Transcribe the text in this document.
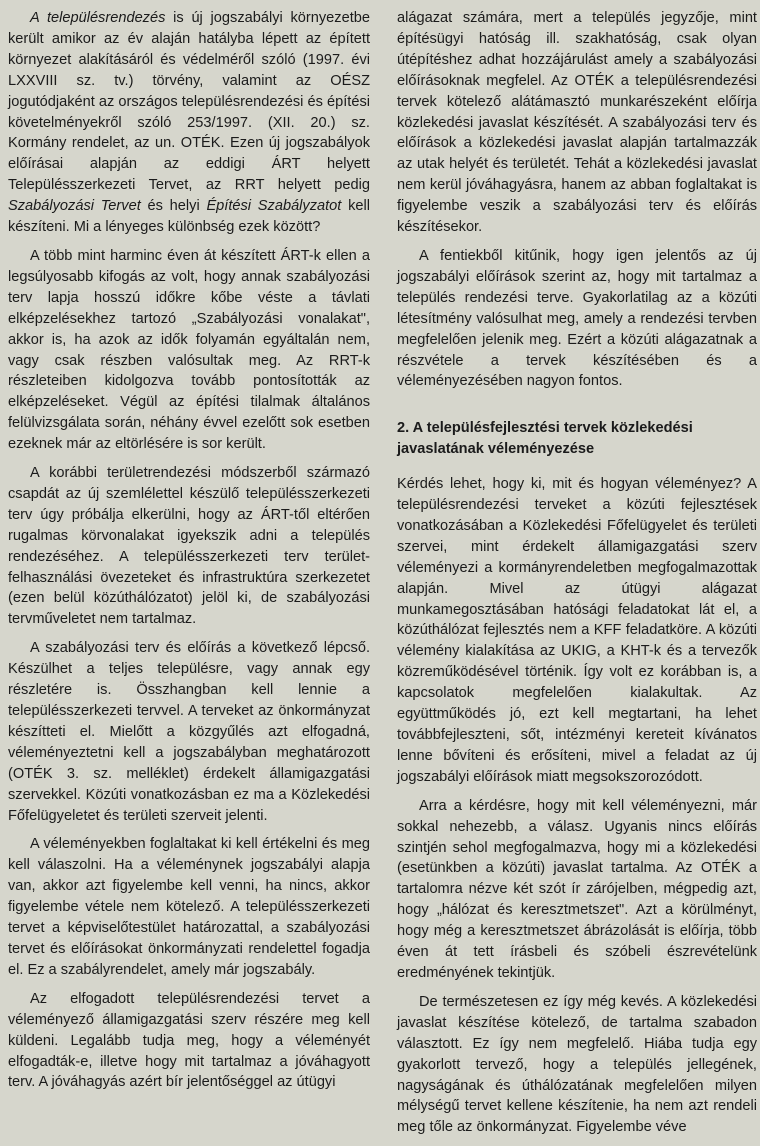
A településrendezés is új jogszabályi környezetbe került amikor az év alaján hatályba lépett az épített környezet alakításáról és védelméről szóló (1997. évi LXXVIII sz. tv.) törvény, valamint az OÉSZ jogutódjaként az országos településrendezési és építési követelményekről szóló 253/1997. (XII. 20.) sz. Kormány rendelet, az un. OTÉK. Ezen új jogszabályok előírásai alapján az eddigi ÁRT helyett Településszerkezeti Tervet, az RRT helyett pedig Szabályozási Tervet és helyi Építési Szabályzatot kell készíteni. Mi a lényeges különbség ezek között?

A több mint harminc éven át készített ÁRT-k ellen a legsúlyosabb kifogás az volt, hogy annak szabályozási terv lapja hosszú időkre kőbe véste a távlati elképzelésekhez tartozó „Szabályozási vonalakat", akkor is, ha azok az idők folyamán egyáltalán nem, vagy csak részben valósultak meg. Az RRT-k részleteiben kidolgozva tovább pontosították az elképzeléseket. Végül az építési tilalmak általános felülvizsgálata során, néhány évvel ezelőtt sok esetben ezeknek már az eltörlésére is sor került.

A korábbi területrendezési módszerből származó csapdát az új szemlélettel készülő településszerkezeti terv úgy próbálja elkerülni, hogy az ÁRT-től eltérően rugalmas körvonalakat igyekszik adni a település rendezéséhez. A településszerkezeti terv terület-felhasználási övezeteket és infrastruktúra szerkezetet (ezen belül közúthálózatot) jelöl ki, de szabályozási tervműveletet nem tartalmaz.

A szabályozási terv és előírás a következő lépcső. Készülhet a teljes településre, vagy annak egy részletére is. Összhangban kell lennie a településszerkezeti tervvel. A terveket az önkormányzat készítteti el. Mielőtt a közgyűlés azt elfogadná, véleményeztetni kell a jogszabályban meghatározott (OTÉK 3. sz. melléklet) érdekelt államigazgatási szervekkel. Közúti vonatkozásban ez ma a Közlekedési Főfelügyeletet és területi szerveit jelenti.

A véleményekben foglaltakat ki kell értékelni és meg kell válaszolni. Ha a véleménynek jogszabályi alapja van, akkor azt figyelembe kell venni, ha nincs, akkor figyelembe vétele nem kötelező. A településszerkezeti tervet a képviselőtestület határozattal, a szabályozási tervet és előírásokat önkormányzati rendelettel fogadja el. Ez a szabályrendelet, amely már jogszabály.

Az elfogadott településrendezési tervet a véleményező államigazgatási szerv részére meg kell küldeni. Legalább tudja meg, hogy a véleményét elfogadták-e, illetve hogy mit tartalmaz a jóváhagyott terv. A jóváhagyás azért bír jelentőséggel az útügyi

alágazat számára, mert a település jegyzője, mint építésügyi hatóság ill. szakhatóság, csak olyan útépítéshez adhat hozzájárulást amely a szabályozási előírásoknak megfelel. Az OTÉK a településrendezési tervek kötelező alátámasztó munkarészeként előírja közlekedési javaslat készítését. A szabályozási terv és előírások a közlekedési javaslat alapján tartalmazzák az utak helyét és területét. Tehát a közlekedési javaslat nem kerül jóváhagyásra, hanem az abban foglaltakat is figyelembe veszik a szabályozási terv és előírás készítésekor.

A fentiekből kitűnik, hogy igen jelentős az új jogszabályi előírások szerint az, hogy mit tartalmaz a település rendezési terve. Gyakorlatilag az a közúti létesítmény valósulhat meg, amely a rendezési tervben megfelelően jelenik meg. Ezért a közúti alágazatnak a részvétele a tervek készítésében és a véleményezésében nagyon fontos.

2. A településfejlesztési tervek közlekedési javaslatának véleményezése

Kérdés lehet, hogy ki, mit és hogyan véleményez? A településrendezési terveket a közúti fejlesztések vonatkozásában a Közlekedési Főfelügyelet és területi szervei, mint érdekelt államigazgatási szerv véleményezi a kormányrendeletben megfogalmazottak alapján. Mivel az útügyi alágazat munkamegosztásában hatósági feladatokat lát el, a közúthálózat fejlesztés nem a KFF feladatköre. A közúti vélemény kialakítása az UKIG, a KHT-k és a tervezők közreműködésével történik. Így volt ez korábban is, a kapcsolatok megfelelően kialakultak. Az együttműködés jó, ezt kell megtartani, ha lehet továbbfejleszteni, sőt, intézményi kereteit kívánatos lenne bővíteni és erősíteni, mivel a feladat az új jogszabályi előírások miatt megsokszorozódott.

Arra a kérdésre, hogy mit kell véleményezni, már sokkal nehezebb, a válasz. Ugyanis nincs előírás szintjén sehol megfogalmazva, hogy mi a közlekedési (esetünkben a közúti) javaslat tartalma. Az OTÉK a tartalomra nézve két szót ír zárójelben, mégpedig azt, hogy „hálózat és keresztmetszet". Azt a körülményt, hogy még a keresztmetszet ábrázolását is előírja, több éven át tett írásbeli és szóbeli észrevételünk eredményének tekintjük.

De természetesen ez így még kevés. A közlekedési javaslat készítése kötelező, de tartalma szabadon választott. Ez így nem megfelelő. Hiába tudja egy gyakorlott tervező, hogy a település jellegének, nagyságának és úthálózatának megfelelően milyen mélységű tervet kellene készítenie, ha nem azt rendeli meg tőle az önkormányzat. Figyelembe véve
